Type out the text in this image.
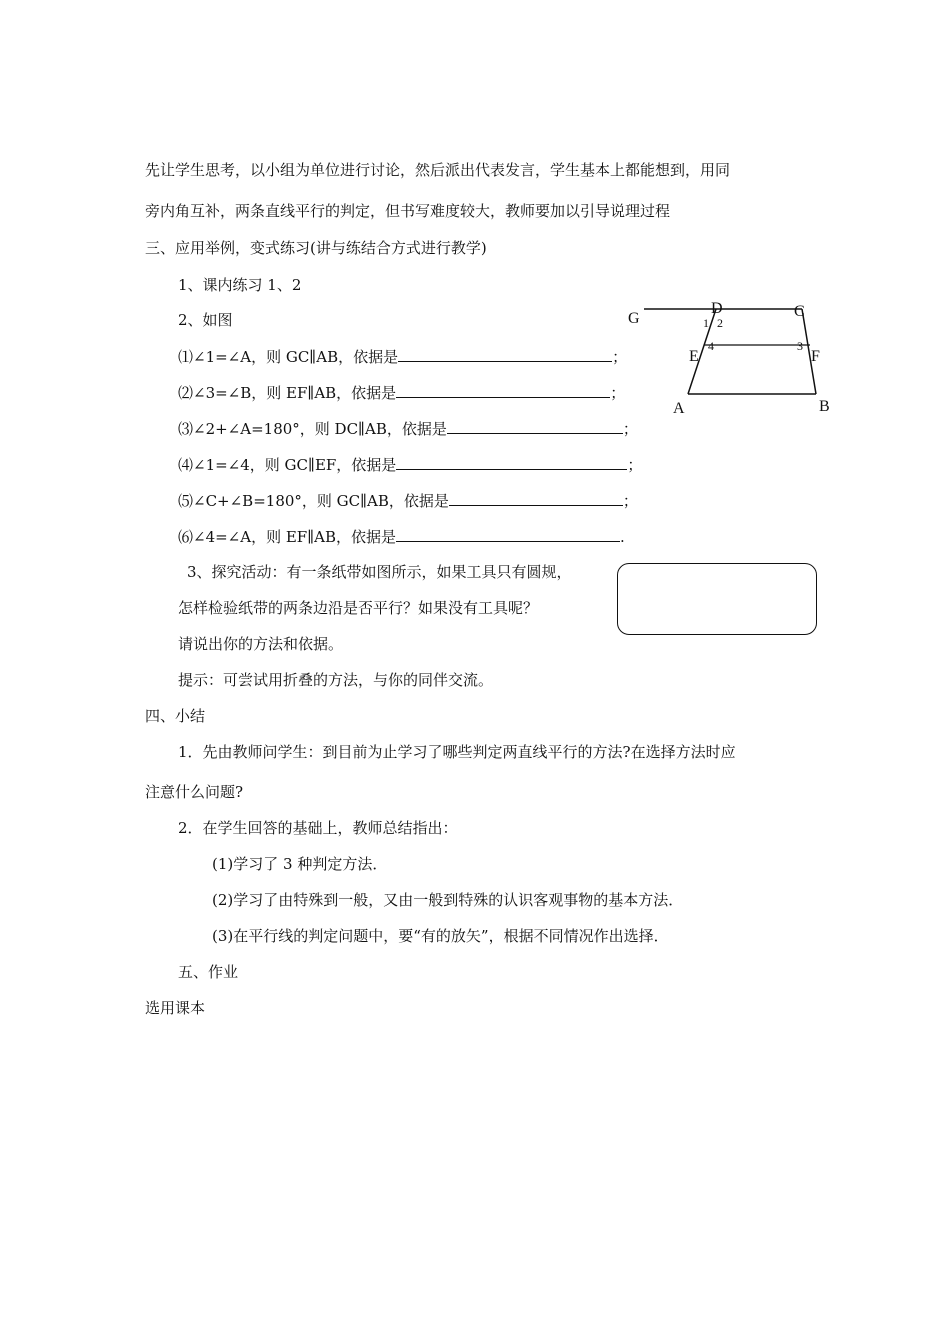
先让学生思考，以小组为单位进行讨论，然后派出代表发言，学生基本上都能想到，用同
旁内角互补，两条直线平行的判定，但书写难度较大，教师要加以引导说理过程
三、应用举例，变式练习(讲与练结合方式进行教学)
1、课内练习 1、2
2、如图
⑴∠1=∠A，则 GC∥AB，依据是	；
⑵∠3=∠B，则 EF∥AB，依据是	；
⑶∠2+∠A=180°，则 DC∥AB，依据是	；
⑷∠1=∠4，则 GC∥EF，依据是	；
⑸∠C+∠B=180°，则 GC∥AB，依据是	；
⑹∠4=∠A，则 EF∥AB，依据是	.
G
D	C
E	F
A	B
1 2
4	3
3、探究活动：有一条纸带如图所示，如果工具只有圆规，
怎样检验纸带的两条边沿是否平行？如果没有工具呢？
请说出你的方法和依据。
提示：可尝试用折叠的方法，与你的同伴交流。
四、小结
1．先由教师问学生：到目前为止学习了哪些判定两直线平行的方法?在选择方法时应
注意什么问题?
2．在学生回答的基础上，教师总结指出：
(1)学习了 3 种判定方法．
(2)学习了由特殊到一般，又由一般到特殊的认识客观事物的基本方法．
(3)在平行线的判定问题中，要“有的放矢”，根据不同情况作出选择．
五、作业
选用课本
